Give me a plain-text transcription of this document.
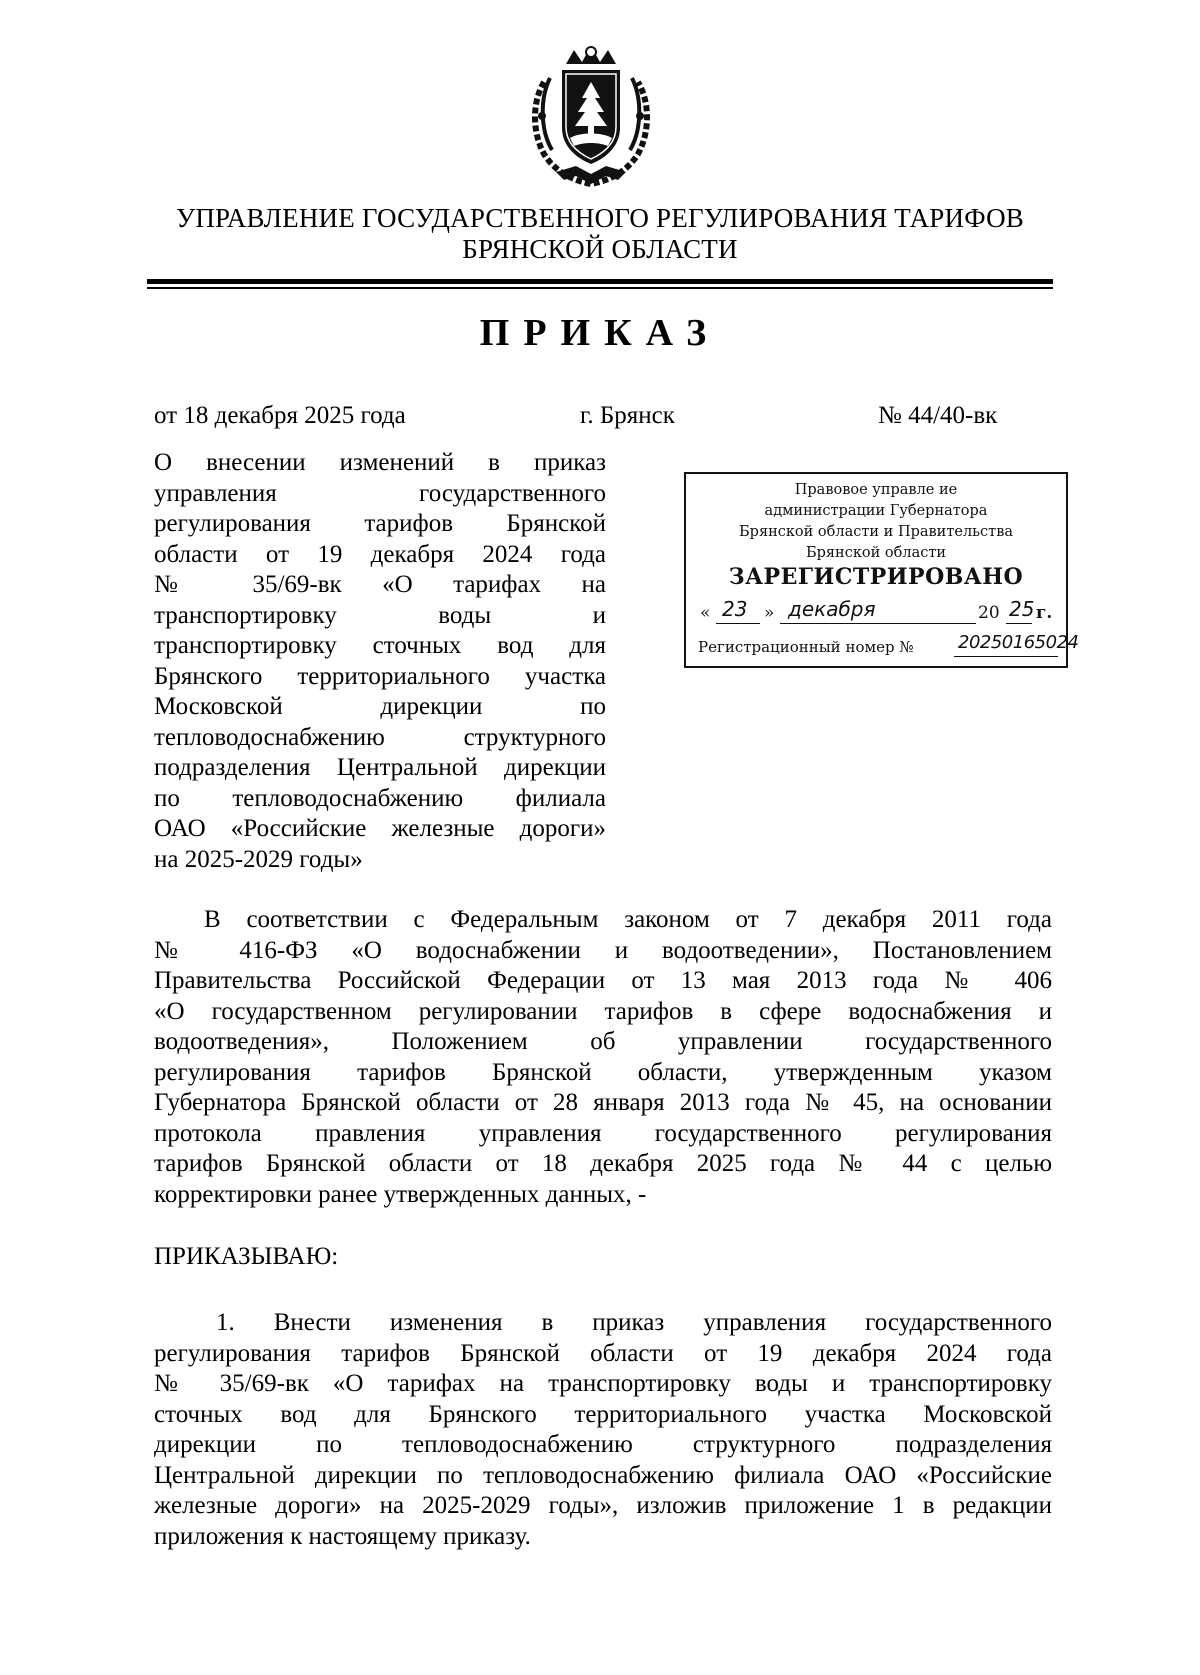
УПРАВЛЕНИЕ ГОСУДАРСТВЕННОГО РЕГУЛИРОВАНИЯ ТАРИФОВ
БРЯНСКОЙ ОБЛАСТИ
ПРИКАЗ
от 18 декабря 2025 года	г. Брянск	№ 44/40-вк
О внесении изменений в приказ
управления государственного
регулирования тарифов Брянской
области от 19 декабря 2024 года
№ 35/69-вк «О тарифах на
транспортировку воды и
транспортировку сточных вод для
Брянского территориального участка
Московской дирекции по
тепловодоснабжению структурного
подразделения Центральной дирекции
по тепловодоснабжению филиала
ОАО «Российские железные дороги»
на 2025-2029 годы»
Правовое управле ие
администрации Губернатора
Брянской области и Правительства
Брянской области
ЗАРЕГИСТРИРОВАНО
« 23 » декабря	20 25 г.
Регистрационный номер № 20250165024
В соответствии с Федеральным законом от 7 декабря 2011 года
№ 416-ФЗ «О водоснабжении и водоотведении», Постановлением
Правительства Российской Федерации от 13 мая 2013 года № 406
«О государственном регулировании тарифов в сфере водоснабжения и
водоотведения», Положением об управлении государственного
регулирования тарифов Брянской области, утвержденным указом
Губернатора Брянской области от 28 января 2013 года № 45, на основании
протокола правления управления государственного регулирования
тарифов Брянской области от 18 декабря 2025 года № 44 с целью
корректировки ранее утвержденных данных, -
ПРИКАЗЫВАЮ:
1. Внести изменения в приказ управления государственного
регулирования тарифов Брянской области от 19 декабря 2024 года
№ 35/69-вк «О тарифах на транспортировку воды и транспортировку
сточных вод для Брянского территориального участка Московской
дирекции по тепловодоснабжению структурного подразделения
Центральной дирекции по тепловодоснабжению филиала ОАО «Российские
железные дороги» на 2025-2029 годы», изложив приложение 1 в редакции
приложения к настоящему приказу.
